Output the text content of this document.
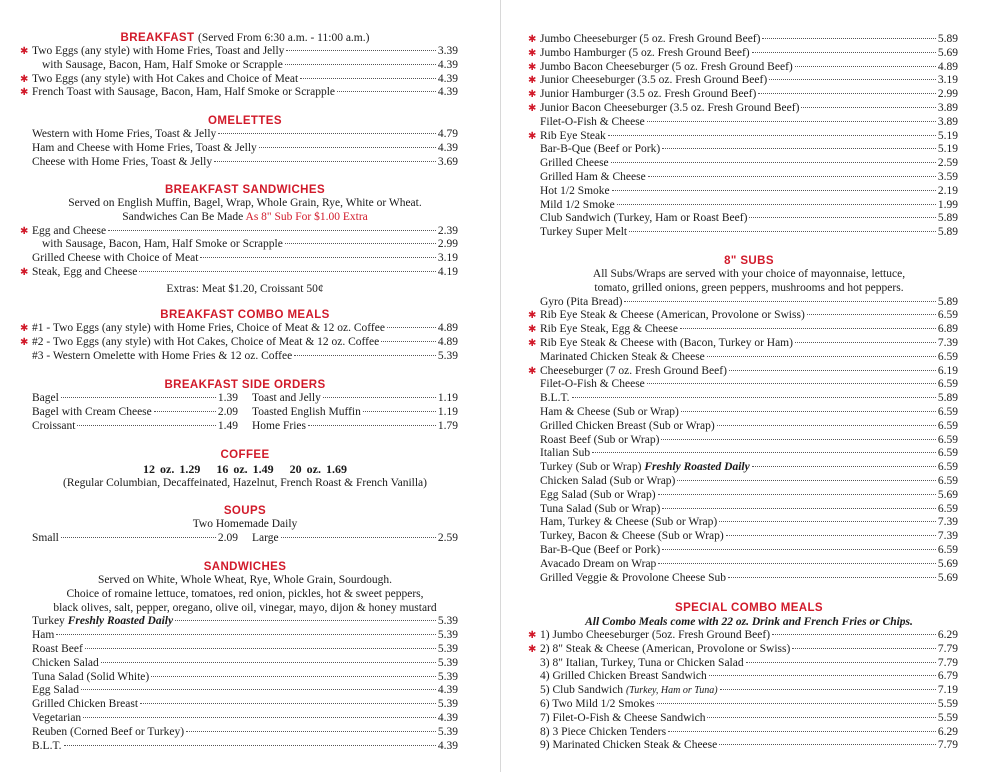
BREAKFAST (Served From 6:30 a.m. - 11:00 a.m.)
✱ Two Eggs (any style) with Home Fries, Toast and Jelly	3.39
with Sausage, Bacon, Ham, Half Smoke or Scrapple	4.39
✱ Two Eggs (any style) with Hot Cakes and Choice of Meat	4.39
✱ French Toast with Sausage, Bacon, Ham, Half Smoke or Scrapple	4.39
OMELETTES
Western with Home Fries, Toast & Jelly	4.79
Ham and Cheese with Home Fries, Toast & Jelly	4.39
Cheese with Home Fries, Toast & Jelly	3.69
BREAKFAST SANDWICHES
Served on English Muffin, Bagel, Wrap, Whole Grain, Rye, White or Wheat.
Sandwiches Can Be Made As 8" Sub For $1.00 Extra
✱ Egg and Cheese	2.39
with Sausage, Bacon, Ham, Half Smoke or Scrapple	2.99
Grilled Cheese with Choice of Meat	3.19
✱ Steak, Egg and Cheese	4.19
Extras: Meat $1.20, Croissant 50¢
BREAKFAST COMBO MEALS
✱ #1 - Two Eggs (any style) with Home Fries, Choice of Meat & 12 oz. Coffee	4.89
✱ #2 - Two Eggs (any style) with Hot Cakes, Choice of Meat & 12 oz. Coffee	4.89
#3 - Western Omelette with Home Fries & 12 oz. Coffee	5.39
BREAKFAST SIDE ORDERS
Bagel	1.39
Bagel with Cream Cheese	2.09
Croissant	1.49
Toast and Jelly	1.19
Toasted English Muffin	1.19
Home Fries	1.79
COFFEE
12 oz. 1.29 16 oz. 1.49 20 oz. 1.69
(Regular Columbian, Decaffeinated, Hazelnut, French Roast & French Vanilla)
SOUPS
Two Homemade Daily
Small	2.09 Large	2.59
SANDWICHES
Served on White, Whole Wheat, Rye, Whole Grain, Sourdough.
Choice of romaine lettuce, tomatoes, red onion, pickles, hot & sweet peppers,
black olives, salt, pepper, oregano, olive oil, vinegar, mayo, dijon & honey mustard
Turkey Freshly Roasted Daily	5.39
Ham	5.39
Roast Beef	5.39
Chicken Salad	5.39
Tuna Salad (Solid White)	5.39
Egg Salad	4.39
Grilled Chicken Breast	5.39
Vegetarian	4.39
Reuben (Corned Beef or Turkey)	5.39
B.L.T.	4.39
✱ Jumbo Cheeseburger (5 oz. Fresh Ground Beef)	5.89
✱ Jumbo Hamburger (5 oz. Fresh Ground Beef)	5.69
✱ Jumbo Bacon Cheeseburger (5 oz. Fresh Ground Beef)	4.89
✱ Junior Cheeseburger (3.5 oz. Fresh Ground Beef)	3.19
✱ Junior Hamburger (3.5 oz. Fresh Ground Beef)	2.99
✱ Junior Bacon Cheeseburger (3.5 oz. Fresh Ground Beef)	3.89
Filet-O-Fish & Cheese	3.89
✱ Rib Eye Steak	5.19
Bar-B-Que (Beef or Pork)	5.19
Grilled Cheese	2.59
Grilled Ham & Cheese	3.59
Hot 1/2 Smoke	2.19
Mild 1/2 Smoke	1.99
Club Sandwich (Turkey, Ham or Roast Beef)	5.89
Turkey Super Melt	5.89
8" SUBS
All Subs/Wraps are served with your choice of mayonnaise, lettuce,
tomato, grilled onions, green peppers, mushrooms and hot peppers.
Gyro (Pita Bread)	5.89
✱ Rib Eye Steak & Cheese (American, Provolone or Swiss)	6.59
✱ Rib Eye Steak, Egg & Cheese	6.89
✱ Rib Eye Steak & Cheese with (Bacon, Turkey or Ham)	7.39
Marinated Chicken Steak & Cheese	6.59
✱ Cheeseburger (7 oz. Fresh Ground Beef)	6.19
Filet-O-Fish & Cheese	6.59
B.L.T.	5.89
Ham & Cheese (Sub or Wrap)	6.59
Grilled Chicken Breast (Sub or Wrap)	6.59
Roast Beef (Sub or Wrap)	6.59
Italian Sub	6.59
Turkey (Sub or Wrap) Freshly Roasted Daily	6.59
Chicken Salad (Sub or Wrap)	6.59
Egg Salad (Sub or Wrap)	5.69
Tuna Salad (Sub or Wrap)	6.59
Ham, Turkey & Cheese (Sub or Wrap)	7.39
Turkey, Bacon & Cheese (Sub or Wrap)	7.39
Bar-B-Que (Beef or Pork)	6.59
Avacado Dream on Wrap	5.69
Grilled Veggie & Provolone Cheese Sub	5.69
SPECIAL COMBO MEALS
All Combo Meals come with 22 oz. Drink and French Fries or Chips.
✱ 1) Jumbo Cheeseburger (5oz. Fresh Ground Beef)	6.29
✱ 2) 8" Steak & Cheese (American, Provolone or Swiss)	7.79
3) 8" Italian, Turkey, Tuna or Chicken Salad	7.79
4) Grilled Chicken Breast Sandwich	6.79
5) Club Sandwich (Turkey, Ham or Tuna)	7.19
6) Two Mild 1/2 Smokes	5.59
7) Filet-O-Fish & Cheese Sandwich	5.59
8) 3 Piece Chicken Tenders	6.29
9) Marinated Chicken Steak & Cheese	7.79
